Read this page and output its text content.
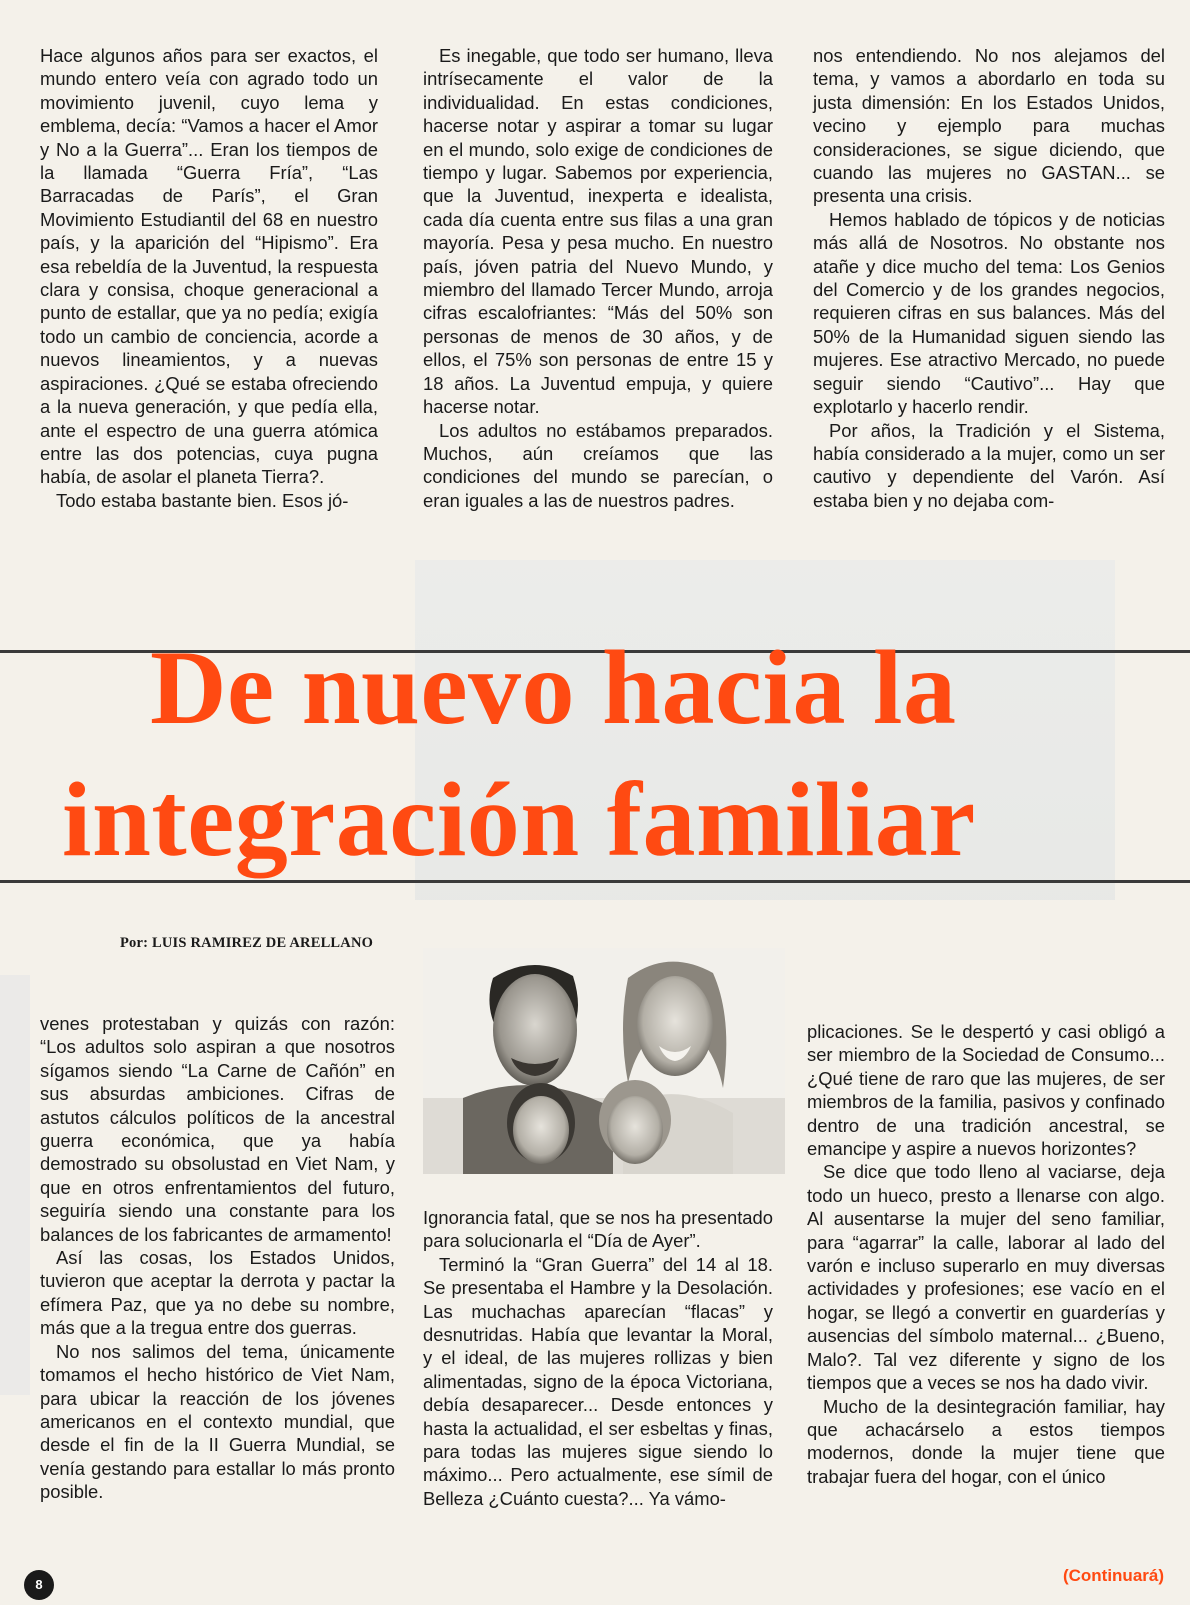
Hace algunos años para ser exactos, el mundo entero veía con agrado todo un movimiento juvenil, cuyo lema y emblema, decía: “Vamos a hacer el Amor y No a la Guerra”... Eran los tiempos de la llamada “Guerra Fría”, “Las Barracadas de París”, el Gran Movimiento Estudiantil del 68 en nuestro país, y la aparición del “Hipismo”. Era esa rebeldía de la Juventud, la respuesta clara y consisa, choque generacional a punto de estallar, que ya no pedía; exigía todo un cambio de conciencia, acorde a nuevos lineamientos, y a nuevas aspiraciones. ¿Qué se estaba ofreciendo a la nueva generación, y que pedía ella, ante el espectro de una guerra atómica entre las dos potencias, cuya pugna había, de asolar el planeta Tierra?.

Todo estaba bastante bien. Esos jó-

Es inegable, que todo ser humano, lleva intrísecamente el valor de la individualidad. En estas condiciones, hacerse notar y aspirar a tomar su lugar en el mundo, solo exige de condiciones de tiempo y lugar. Sabemos por experiencia, que la Juventud, inexperta e idealista, cada día cuenta entre sus filas a una gran mayoría. Pesa y pesa mucho. En nuestro país, jóven patria del Nuevo Mundo, y miembro del llamado Tercer Mundo, arroja cifras escalofriantes: “Más del 50% son personas de menos de 30 años, y de ellos, el 75% son personas de entre 15 y 18 años. La Juventud empuja, y quiere hacerse notar.

Los adultos no estábamos preparados. Muchos, aún creíamos que las condiciones del mundo se parecían, o eran iguales a las de nuestros padres.

nos entendiendo. No nos alejamos del tema, y vamos a abordarlo en toda su justa dimensión: En los Estados Unidos, vecino y ejemplo para muchas consideraciones, se sigue diciendo, que cuando las mujeres no GASTAN... se presenta una crisis.

Hemos hablado de tópicos y de noticias más allá de Nosotros. No obstante nos atañe y dice mucho del tema: Los Genios del Comercio y de los grandes negocios, requieren cifras en sus balances. Más del 50% de la Humanidad siguen siendo las mujeres. Ese atractivo Mercado, no puede seguir siendo “Cautivo”... Hay que explotarlo y hacerlo rendir.

Por años, la Tradición y el Sistema, había considerado a la mujer, como un ser cautivo y dependiente del Varón. Así estaba bien y no dejaba com-

De nuevo hacia la
integración familiar
Por: LUIS RAMIREZ DE ARELLANO

venes protestaban y quizás con razón: “Los adultos solo aspiran a que nosotros sígamos siendo “La Carne de Cañón” en sus absurdas ambiciones. Cifras de astutos cálculos políticos de la ancestral guerra económica, que ya había demostrado su obsolustad en Viet Nam, y que en otros enfrentamientos del futuro, seguiría siendo una constante para los balances de los fabricantes de armamento!

Así las cosas, los Estados Unidos, tuvieron que aceptar la derrota y pactar la efímera Paz, que ya no debe su nombre, más que a la tregua entre dos guerras.

No nos salimos del tema, únicamente tomamos el hecho histórico de Viet Nam, para ubicar la reacción de los jóvenes americanos en el contexto mundial, que desde el fin de la II Guerra Mundial, se venía gestando para estallar lo más pronto posible.

Ignorancia fatal, que se nos ha presentado para solucionarla el “Día de Ayer”.

Terminó la “Gran Guerra” del 14 al 18. Se presentaba el Hambre y la Desolación. Las muchachas aparecían “flacas” y desnutridas. Había que levantar la Moral, y el ideal, de las mujeres rollizas y bien alimentadas, signo de la época Victoriana, debía desaparecer... Desde entonces y hasta la actualidad, el ser esbeltas y finas, para todas las mujeres sigue siendo lo máximo... Pero actualmente, ese símil de Belleza ¿Cuánto cuesta?... Ya vámo-

plicaciones. Se le despertó y casi obligó a ser miembro de la Sociedad de Consumo... ¿Qué tiene de raro que las mujeres, de ser miembros de la familia, pasivos y confinado dentro de una tradición ancestral, se emancipe y aspire a nuevos horizontes?

Se dice que todo lleno al vaciarse, deja todo un hueco, presto a llenarse con algo. Al ausentarse la mujer del seno familiar, para “agarrar” la calle, laborar al lado del varón e incluso superarlo en muy diversas actividades y profesiones; ese vacío en el hogar, se llegó a convertir en guarderías y ausencias del símbolo maternal... ¿Bueno, Malo?. Tal vez diferente y signo de los tiempos que a veces se nos ha dado vivir.

Mucho de la desintegración familiar, hay que achacárselo a estos tiempos modernos, donde la mujer tiene que trabajar fuera del hogar, con el único

(Continuará)
8
